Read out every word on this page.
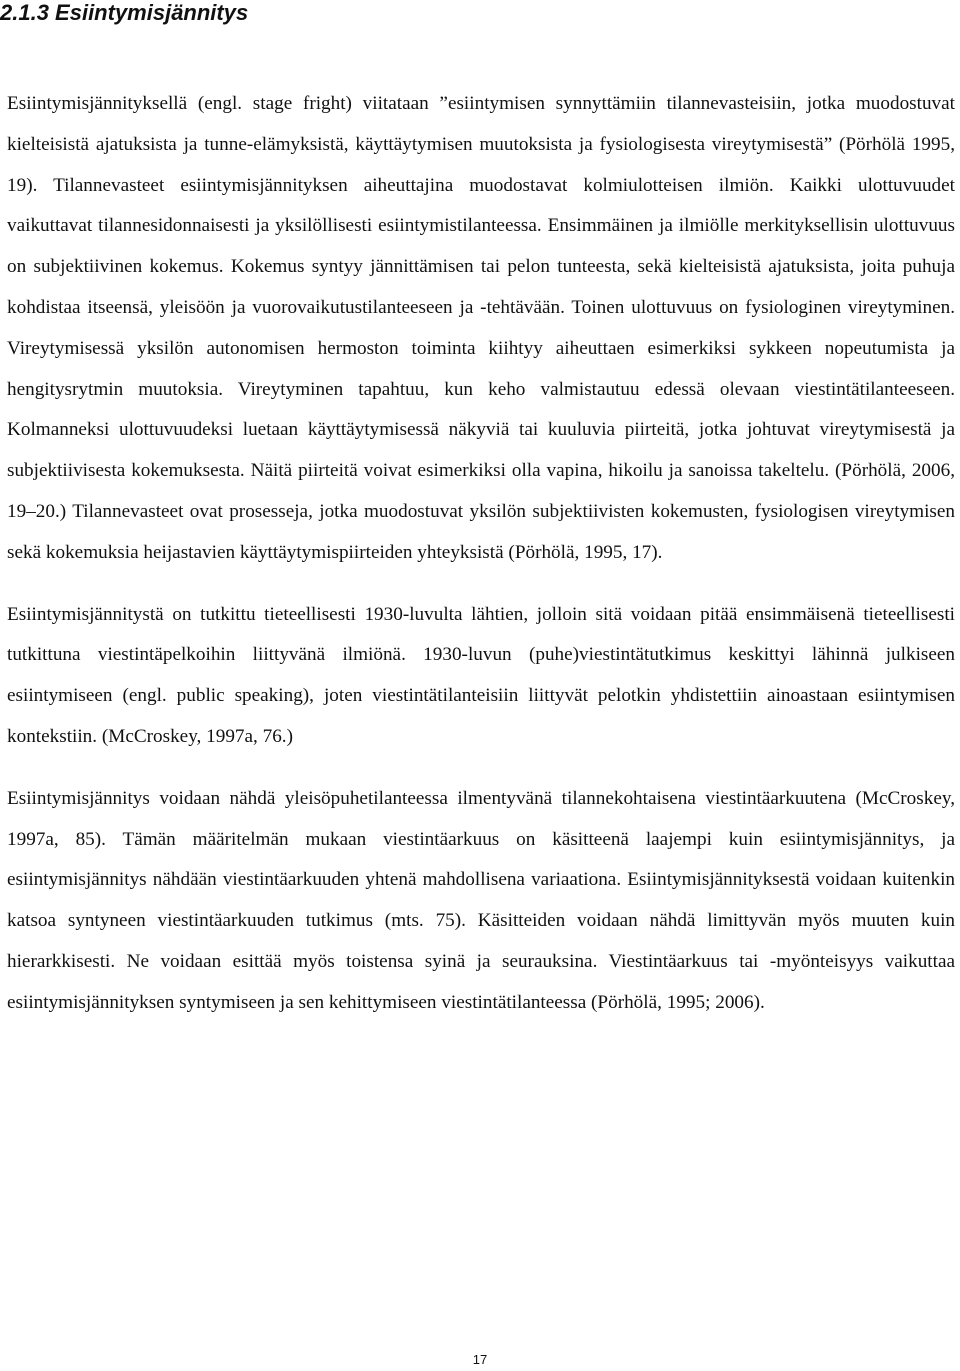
2.1.3 Esiintymisjännitys

Esiintymisjännityksellä (engl. stage fright) viitataan ”esiintymisen synnyttämiin tilannevasteisiin, jotka muodostuvat kielteisistä ajatuksista ja tunne-elämyksistä, käyttäytymisen muutoksista ja fysiologisesta vireytymisestä” (Pörhölä 1995, 19). Tilannevasteet esiintymisjännityksen aiheuttajina muodostavat kolmiulotteisen ilmiön. Kaikki ulottuvuudet vaikuttavat tilannesidonnaisesti ja yksilöllisesti esiintymistilanteessa. Ensimmäinen ja ilmiölle merkityksellisin ulottuvuus on subjektiivinen kokemus. Kokemus syntyy jännittämisen tai pelon tunteesta, sekä kielteisistä ajatuksista, joita puhuja kohdistaa itseensä, yleisöön ja vuorovaikutustilanteeseen ja -tehtävään. Toinen ulottuvuus on fysiologinen vireytyminen. Vireytymisessä yksilön autonomisen hermoston toiminta kiihtyy aiheuttaen esimerkiksi sykkeen nopeutumista ja hengitysrytmin muutoksia. Vireytyminen tapahtuu, kun keho valmistautuu edessä olevaan viestintätilanteeseen. Kolmanneksi ulottuvuudeksi luetaan käyttäytymisessä näkyviä tai kuuluvia piirteitä, jotka johtuvat vireytymisestä ja subjektiivisesta kokemuksesta. Näitä piirteitä voivat esimerkiksi olla vapina, hikoilu ja sanoissa takeltelu. (Pörhölä, 2006, 19–20.) Tilannevasteet ovat prosesseja, jotka muodostuvat yksilön subjektiivisten kokemusten, fysiologisen vireytymisen sekä kokemuksia heijastavien käyttäytymispiirteiden yhteyksistä (Pörhölä, 1995, 17).

Esiintymisjännitystä on tutkittu tieteellisesti 1930-luvulta lähtien, jolloin sitä voidaan pitää ensimmäisenä tieteellisesti tutkittuna viestintäpelkoihin liittyvänä ilmiönä. 1930-luvun (puhe)viestintätutkimus keskittyi lähinnä julkiseen esiintymiseen (engl. public speaking), joten viestintätilanteisiin liittyvät pelotkin yhdistettiin ainoastaan esiintymisen kontekstiin. (McCroskey, 1997a, 76.)

Esiintymisjännitys voidaan nähdä yleisöpuhetilanteessa ilmentyvänä tilannekohtaisena viestintäarkuutena (McCroskey, 1997a, 85). Tämän määritelmän mukaan viestintäarkuus on käsitteenä laajempi kuin esiintymisjännitys, ja esiintymisjännitys nähdään viestintäarkuuden yhtenä mahdollisena variaationa. Esiintymisjännityksestä voidaan kuitenkin katsoa syntyneen viestintäarkuuden tutkimus (mts. 75). Käsitteiden voidaan nähdä limittyvän myös muuten kuin hierarkkisesti. Ne voidaan esittää myös toistensa syinä ja seurauksina. Viestintäarkuus tai -myönteisyys vaikuttaa esiintymisjännityksen syntymiseen ja sen kehittymiseen viestintätilanteessa (Pörhölä, 1995; 2006).

17
